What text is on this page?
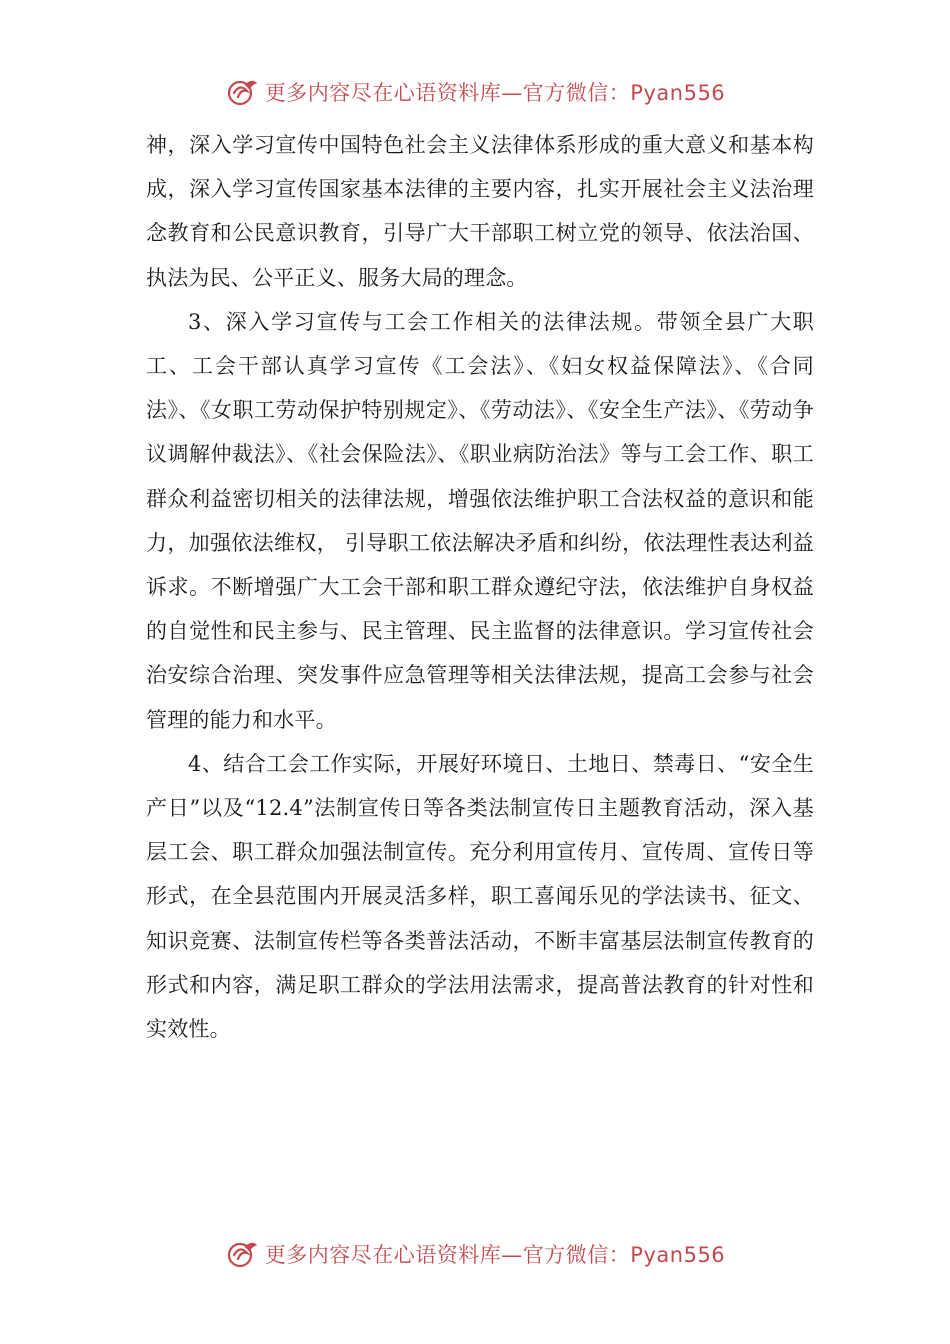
更多内容尽在心语资料库—官方微信：Pyan556

神，深入学习宣传中国特色社会主义法律体系形成的重大意义和基本构成，深入学习宣传国家基本法律的主要内容，扎实开展社会主义法治理念教育和公民意识教育，引导广大干部职工树立党的领导、依法治国、执法为民、公平正义、服务大局的理念。

3、深入学习宣传与工会工作相关的法律法规。带领全县广大职工、工会干部认真学习宣传《工会法》、《妇女权益保障法》、《合同法》、《女职工劳动保护特别规定》、《劳动法》、《安全生产法》、《劳动争议调解仲裁法》、《社会保险法》、《职业病防治法》等与工会工作、职工群众利益密切相关的法律法规，增强依法维护职工合法权益的意识和能力，加强依法维权， 引导职工依法解决矛盾和纠纷，依法理性表达利益诉求。不断增强广大工会干部和职工群众遵纪守法，依法维护自身权益的自觉性和民主参与、民主管理、民主监督的法律意识。学习宣传社会治安综合治理、突发事件应急管理等相关法律法规，提高工会参与社会管理的能力和水平。

4、结合工会工作实际，开展好环境日、土地日、禁毒日、“安全生产日”以及“12.4”法制宣传日等各类法制宣传日主题教育活动，深入基层工会、职工群众加强法制宣传。充分利用宣传月、宣传周、宣传日等形式，在全县范围内开展灵活多样，职工喜闻乐见的学法读书、征文、知识竞赛、法制宣传栏等各类普法活动，不断丰富基层法制宣传教育的形式和内容，满足职工群众的学法用法需求，提高普法教育的针对性和实效性。

更多内容尽在心语资料库—官方微信：Pyan556
